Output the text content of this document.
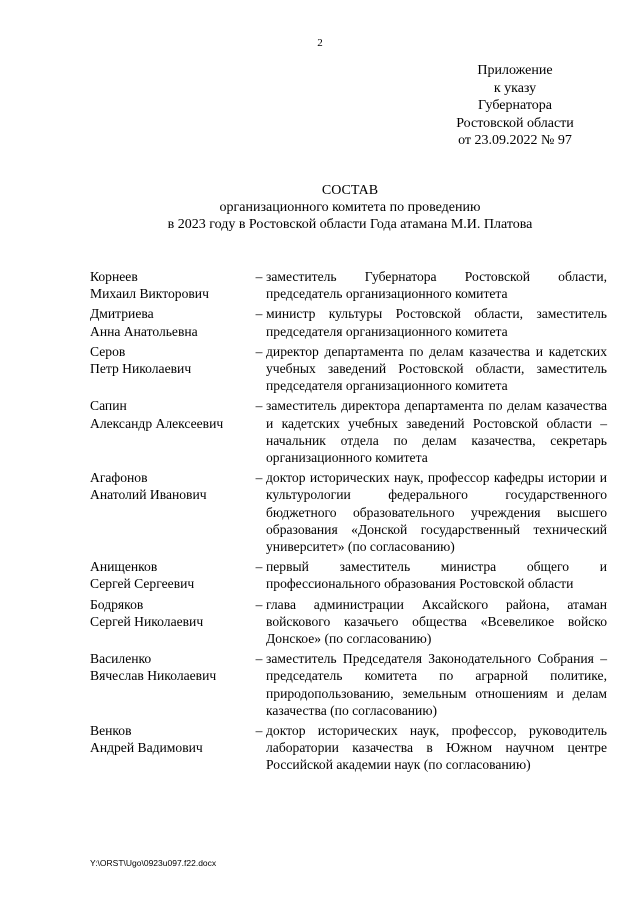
2
Приложение
к указу
Губернатора
Ростовской области
от 23.09.2022 № 97
СОСТАВ
организационного комитета по проведению
в 2023 году в Ростовской области Года атамана М.И. Платова
Корнеев
Михаил Викторович
– заместитель Губернатора Ростовской области, председатель организационного комитета
Дмитриева
Анна Анатольевна
– министр культуры Ростовской области, заместитель председателя организационного комитета
Серов
Петр Николаевич
– директор департамента по делам казачества и кадетских учебных заведений Ростовской области, заместитель председателя организационного комитета
Сапин
Александр Алексеевич
– заместитель директора департамента по делам казачества и кадетских учебных заведений Ростовской области – начальник отдела по делам казачества, секретарь организационного комитета
Агафонов
Анатолий Иванович
– доктор исторических наук, профессор кафедры истории и культурологии федерального государственного бюджетного образовательного учреждения высшего образования «Донской государственный технический университет» (по согласованию)
Анищенков
Сергей Сергеевич
– первый заместитель министра общего и профессионального образования Ростовской области
Бодряков
Сергей Николаевич
– глава администрации Аксайского района, атаман войскового казачьего общества «Всевеликое войско Донское» (по согласованию)
Василенко
Вячеслав Николаевич
– заместитель Председателя Законодательного Собрания – председатель комитета по аграрной политике, природопользованию, земельным отношениям и делам казачества (по согласованию)
Венков
Андрей Вадимович
– доктор исторических наук, профессор, руководитель лаборатории казачества в Южном научном центре Российской академии наук (по согласованию)
Y:\ORST\Ugo\0923u097.f22.docx
